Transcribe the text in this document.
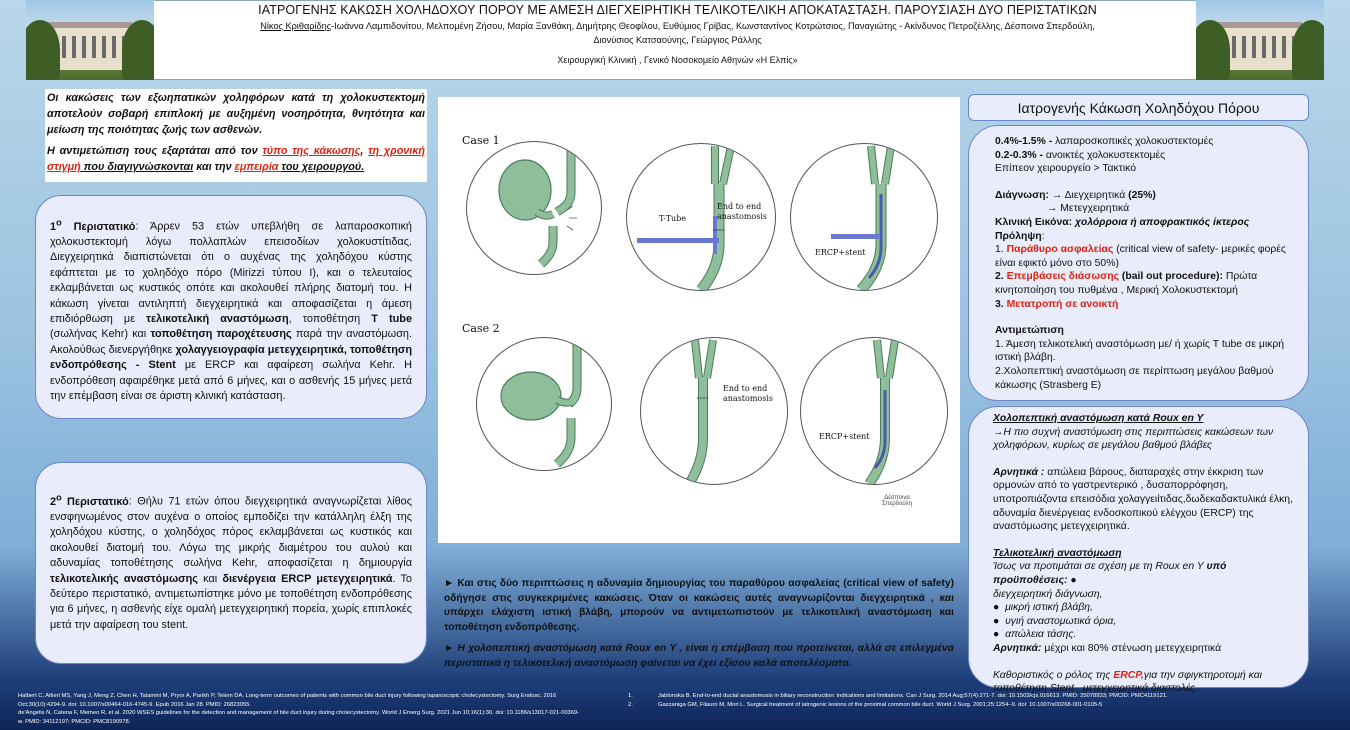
ΙΑΤΡΟΓΕΝΗΣ ΚΑΚΩΣΗ ΧΟΛΗΔΟΧΟΥ ΠΟΡΟΥ ΜΕ ΑΜΕΣΗ ΔΙΕΓΧΕΙΡΗΤΙΚΗ ΤΕΛΙΚΟΤΕΛΙΚΗ ΑΠΟΚΑΤΑΣΤΑΣΗ. ΠΑΡΟΥΣΙΑΣΗ ΔΥΟ ΠΕΡΙΣΤΑΤΙΚΩΝ
Νίκος Κριθαρίδης-Ιωάννα Λαμπιδονίτου, Μελπομένη Ζήσου, Μαρία Ξανθάκη, Δημήτρης Θεοφίλου, Ευθύμιος Γρίβας, Κωνσταντίνος Κοτρώτσιος, Παναγιώτης - Ακίνδυνος Πετροζέλλης, Δέσποινα Σπερδούλη,
Διονύσιος Κατσαούνης, Γεώργιος Ράλλης
Χειρουργική Κλινική , Γενικό Νοσοκομείο Αθηνών «Η Ελπίς»

Οι κακώσεις των εξωηπατικών χοληφόρων κατά τη χολοκυστεκτομή αποτελούν σοβαρή επιπλοκή με αυξημένη νοσηρότητα, θνητότητα και μείωση της ποιότητας ζωής των ασθενών.

Η αντιμετώπιση τους εξαρτάται από τον τύπο της κάκωσης, τη χρονική στιγμή που διαγιγνώσκονται και την εμπειρία του χειρουργού.

$1^o$ Περιστατικό: Άρρεν 53 ετών υπεβλήθη σε λαπαροσκοπική χολοκυστεκτομή λόγω πολλαπλών επεισοδίων χολοκυστίτιδας. Διεγχειρητικά διαπιστώνεται ότι ο αυχένας της χοληδόχου κύστης εφάπτεται με το χοληδόχο πόρο (Mirizzi τύπου Ι), και ο τελευταίος εκλαμβάνεται ως κυστικός οπότε και ακολουθεί πλήρης διατομή του. Η κάκωση γίνεται αντιληπτή διεγχειρητικά και αποφασίζεται η άμεση επιδιόρθωση με τελικοτελική αναστόμωση, τοποθέτηση T tube (σωλήνας Kehr) και τοποθέτηση παροχέτευσης παρά την αναστόμωση. Ακολούθως διενεργήθηκε χολαγγειογραφία μετεγχειρητικά, τοποθέτηση ενδοπρόθεσης - Stent με ERCP και αφαίρεση σωλήνα Kehr. Η ενδοπρόθεση αφαιρέθηκε μετά από 6 μήνες, και ο ασθενής 15 μήνες μετά την επέμβαση είναι σε άριστη κλινική κατάσταση.
$2^o$ Περιστατικό: Θήλυ 71 ετών όπου διεγχειρητικά αναγνωρίζεται λίθος ενσφηνωμένος στον αυχένα ο οποίος εμποδίζει την κατάλληλη έλξη της χοληδόχου κύστης, ο χοληδόχος πόρος εκλαμβάνεται ως κυστικός και ακολουθεί διατομή του. Λόγω της μικρής διαμέτρου του αυλού και αδυναμίας τοποθέτησης σωλήνα Kehr, αποφασίζεται η δημιουργία τελικοτελικής αναστόμωσης και διενέργεια ERCP μετεγχειρητικά. Το δεύτερο περιστατικό, αντιμετωπίστηκε μόνο με τοποθέτηση ενδοπρόθεσης για 6 μήνες, η ασθενής είχε ομαλή μετεγχειρητική πορεία, χωρίς επιπλοκές μετά την αφαίρεση του stent.
Case 1
Case 2
T-Tube
End to end
anastomosis
ERCP+stent
End to end
anastomosis
ERCP+stent
Δέσποινα
Σπερδούλη

► Και στις δύο περιπτώσεις η αδυναμία δημιουργίας του παραθύρου ασφαλείας (critical view of safety) οδήγησε στις συγκεκριμένες κακώσεις. Όταν οι κακώσεις αυτές αναγνωρίζονται διεγχειρητικά , και υπάρχει ελάχιστη ιστική βλάβη, μπορούν να αντιμετωπιστούν με τελικοτελική αναστόμωση και τοποθέτηση ενδοπρόθεσης.

► Η χολοπεπτική αναστόμωση κατά Roux en Y , είναι η επέμβαση που προτείνεται, αλλά σε επιλεγμένα περιστατικά η τελικοτελική αναστόμωση φαίνεται να έχει εξίσου καλά αποτελέσματα.

Ιατρογενής Κάκωση Χοληδόχου Πόρου

0.4%-1.5% - λαπαροσκοπικές χολοκυστεκτομές

0.2-0.3% - ανοικτές χολοκυστεκτομές

Επίπεον χειρουργείο > Τακτικό

Διάγνωση: → Διεγχειρητικά (25%)

→ Μετεγχειρητικά

Κλινική Εικόνα: χολόρροια ή αποφρακτικός ίκτερος

Πρόληψη:

1. Παράθυρο ασφαλείας (critical view of safety- μερικές φορές είναι εφικτό μόνο στο 50%)

2. Επεμβάσεις διάσωσης (bail out procedure): Πρώτα κινητοποίηση του πυθμένα , Μερική Χολοκυστεκτομή

3. Μετατροπή σε ανοικτή

Αντιμετώπιση

1. Άμεση τελικοτελική αναστόμωση με/ ή χωρίς T tube σε μικρή ιστική βλάβη.

2.Χολοπεπτική αναστόμωση σε περίπτωση μεγάλου βαθμού κάκωσης (Strasberg E)

Χολοπεπτική αναστόμωση κατά Roux en Y

→Η πιο συχνή αναστόμωση στις περιπτώσεις κακώσεων των χοληφόρων, κυρίως σε μεγάλου βαθμού βλάβες

Αρνητικά : απώλεια βάρους, διαταραχές στην έκκριση των ορμονών από το γαστρεντερικό , δυσαπορρόφηση, υποτροπιάζοντα επεισόδια χολαγγειίτιδας,δωδεκαδακτυλικά έλκη, αδυναμία διενέργειας ενδοσκοπικού ελέγχου (ERCP) της αναστόμωσης μετεγχειρητικά.

Τελικοτελική αναστόμωση

Ίσως να προτιμάται σε σχέση με τη Roux en Y υπό προϋποθέσεις: ●

διεγχειρητική διάγνωση,

● μικρή ιστική βλάβη,

● υγιή αναστομωτικά όρια,

● απώλεια τάσης.

Αρνητικά: μέχρι και 80% στένωση μετεγχειρητικά

Καθοριστικός ο ρόλος της ERCP,για την σφιγκτηροτομή και τοποθέτηση Stent , μετεγχειρητικά διαστολές

Halbert C, Altieri MS, Yang J, Meng Z, Chen H, Talamini M, Pryor A, Parikh P, Telem DA. Long-term outcomes of patients with common bile duct injury following laparoscopic cholecystectomy. Surg Endosc. 2016
Oct;30(10):4294-9. doi: 10.1007/s00464-016-4745-9. Epub 2016 Jan 28. PMID: 26823055.
de'Angelis N, Catena F, Memeo R, et al. 2020 WSES guidelines for the detection and management of bile duct injury during cholecystectomy. World J Emerg Surg. 2021 Jun 10;16(1):30. doi: 10.1186/s13017-021-00369-
w. PMID: 34112197; PMCID: PMC8190978.
1.	Jablonska B. End-to-end ductal anastomosis in biliary reconstruction: indications and limitations. Can J Surg. 2014 Aug;57(4):271-7. doi: 10.1503/cjs.016613. PMID: 25078933; PMCID: PMC4119121.
2.	Gazzaniga GM, Filauro M, Mori L. Surgical treatment of iatrogenic lesions of the proximal common bile duct. World J Surg. 2001;25:1254–9. doi: 10.1007/s00268-001-0105-5
